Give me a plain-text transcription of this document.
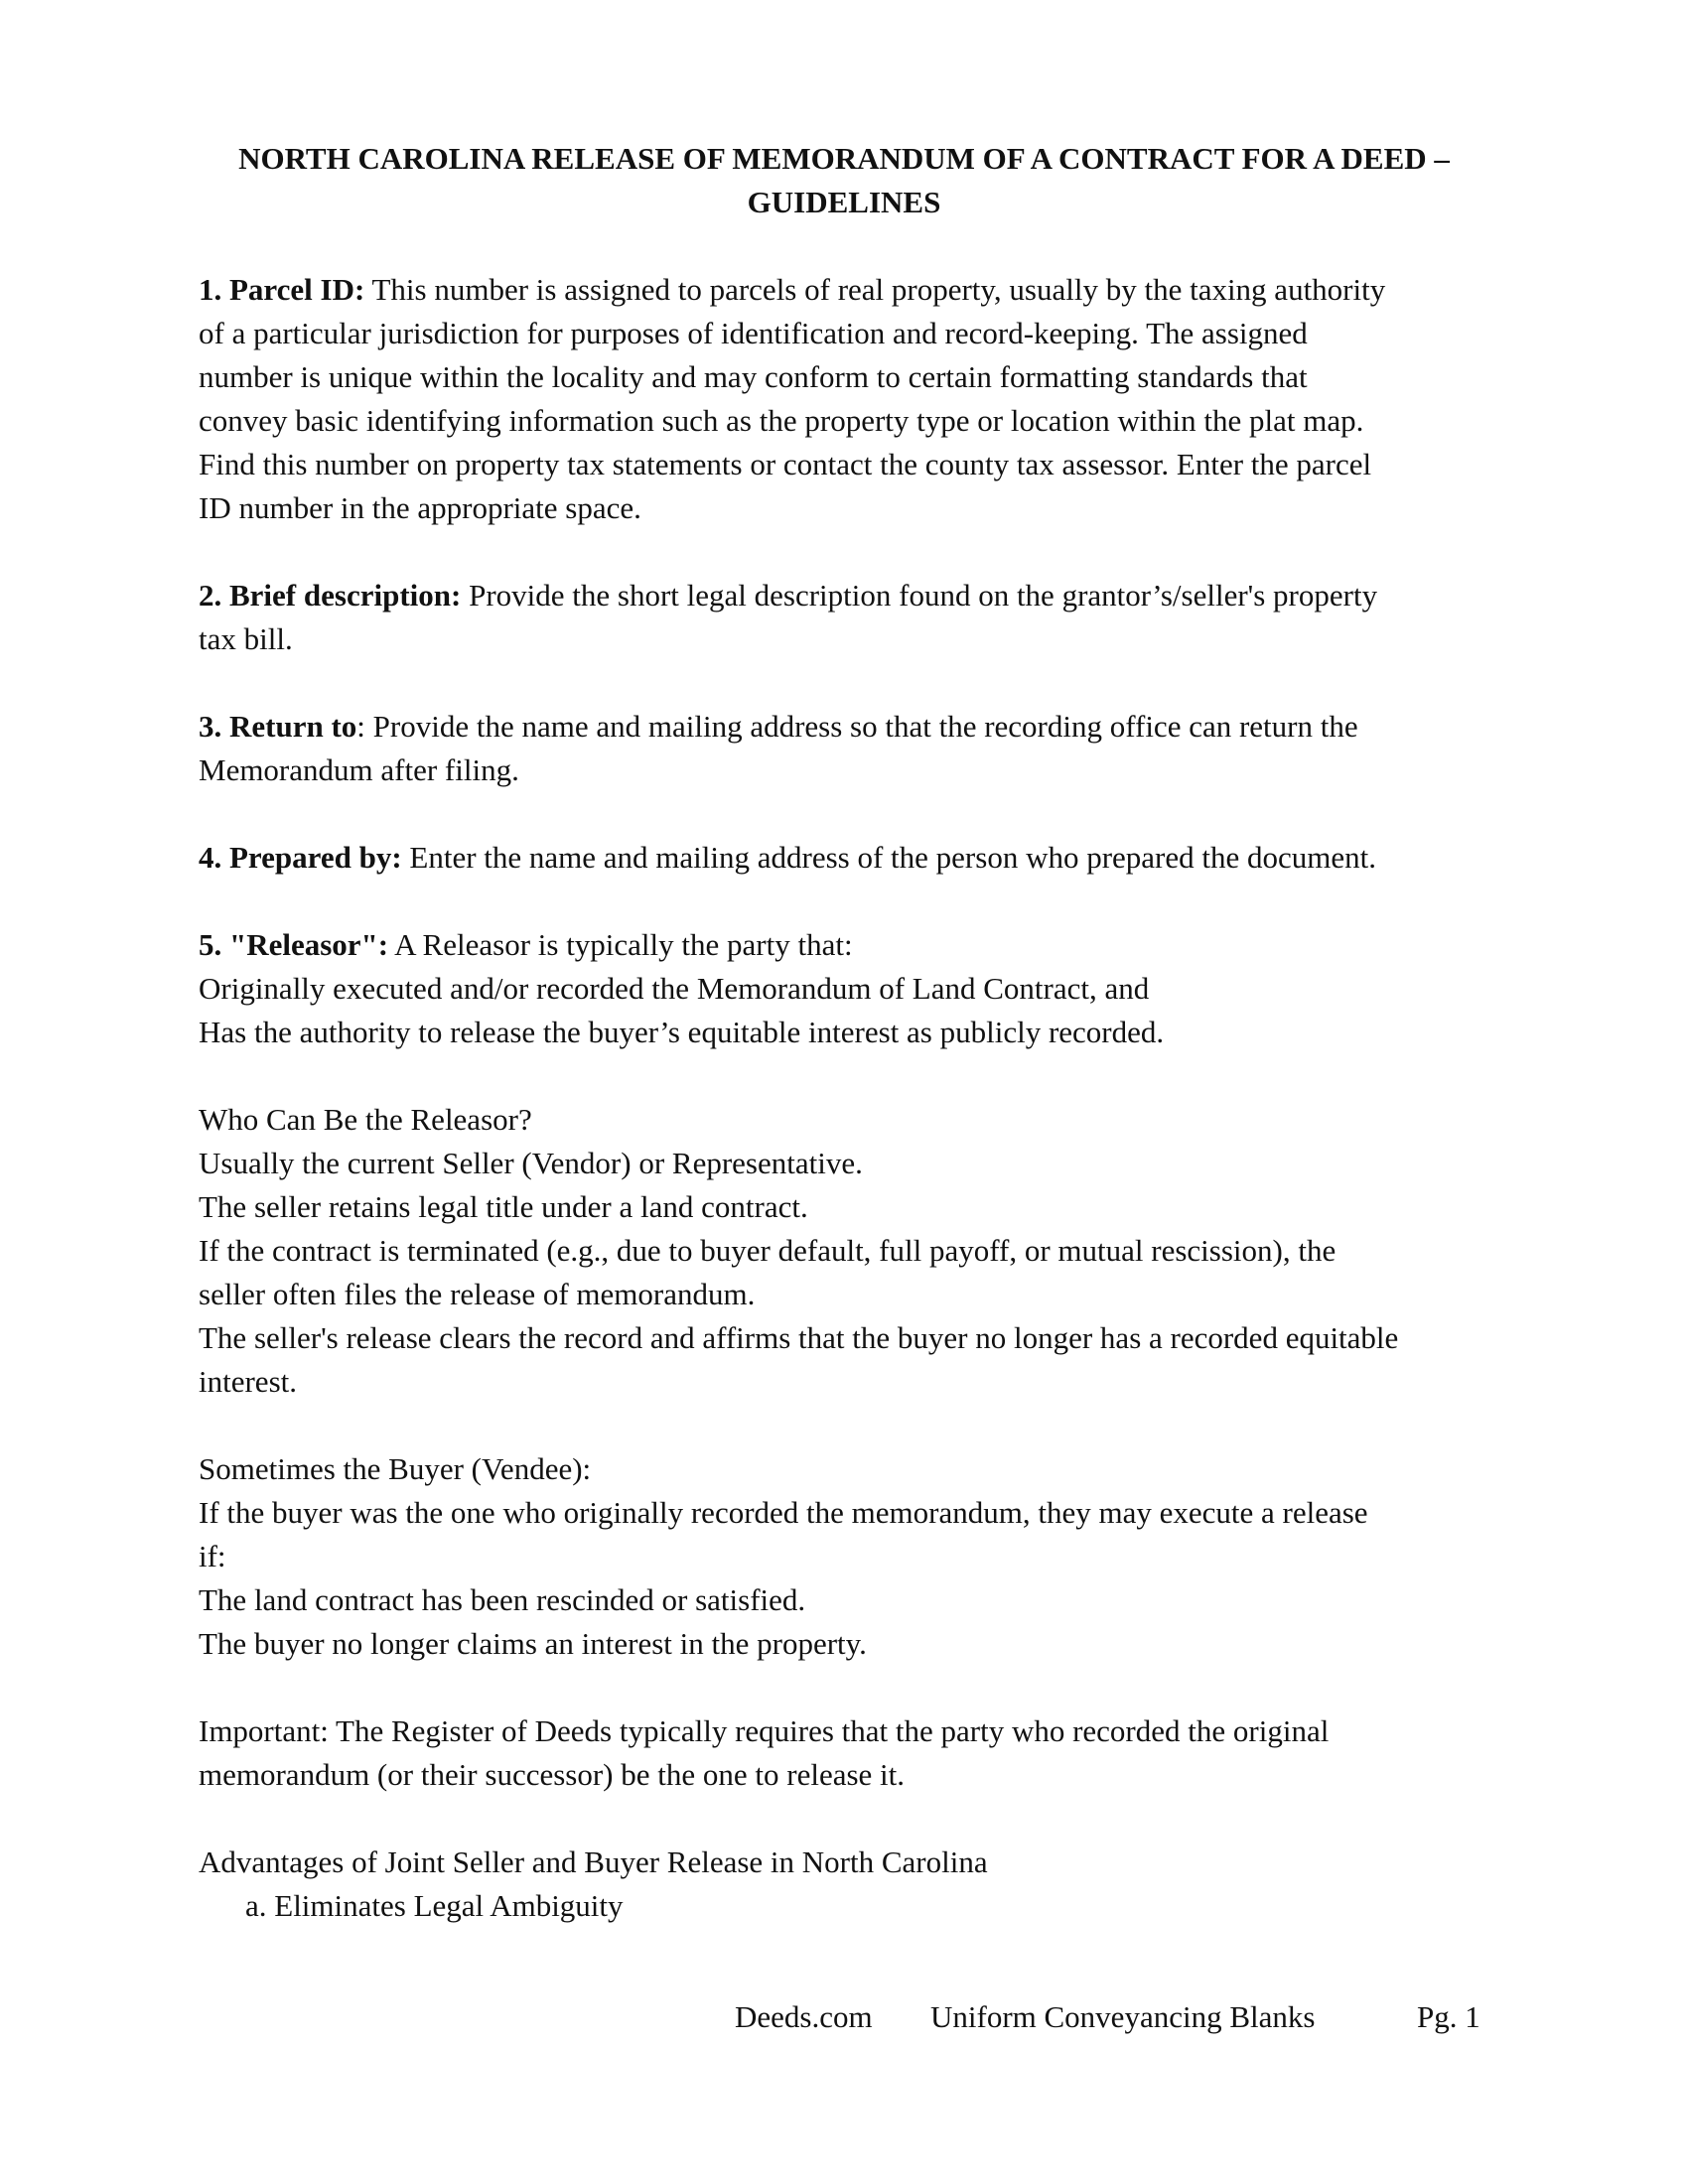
NORTH CAROLINA RELEASE OF MEMORANDUM OF A CONTRACT FOR A DEED –
GUIDELINES
1. Parcel ID: This number is assigned to parcels of real property, usually by the taxing authority
of a particular jurisdiction for purposes of identification and record-keeping. The assigned
number is unique within the locality and may conform to certain formatting standards that
convey basic identifying information such as the property type or location within the plat map.
Find this number on property tax statements or contact the county tax assessor. Enter the parcel
ID number in the appropriate space.
2. Brief description: Provide the short legal description found on the grantor’s/seller's property
tax bill.
3. Return to: Provide the name and mailing address so that the recording office can return the
Memorandum after filing.
4. Prepared by: Enter the name and mailing address of the person who prepared the document.
5. "Releasor": A Releasor is typically the party that:
Originally executed and/or recorded the Memorandum of Land Contract, and
Has the authority to release the buyer’s equitable interest as publicly recorded.
Who Can Be the Releasor?
Usually the current Seller (Vendor) or Representative.
The seller retains legal title under a land contract.
If the contract is terminated (e.g., due to buyer default, full payoff, or mutual rescission), the
seller often files the release of memorandum.
The seller's release clears the record and affirms that the buyer no longer has a recorded equitable
interest.
Sometimes the Buyer (Vendee):
If the buyer was the one who originally recorded the memorandum, they may execute a release
if:
The land contract has been rescinded or satisfied.
The buyer no longer claims an interest in the property.
Important: The Register of Deeds typically requires that the party who recorded the original
memorandum (or their successor) be the one to release it.
Advantages of Joint Seller and Buyer Release in North Carolina
a. Eliminates Legal Ambiguity
Deeds.com Uniform Conveyancing Blanks	Pg. 1
